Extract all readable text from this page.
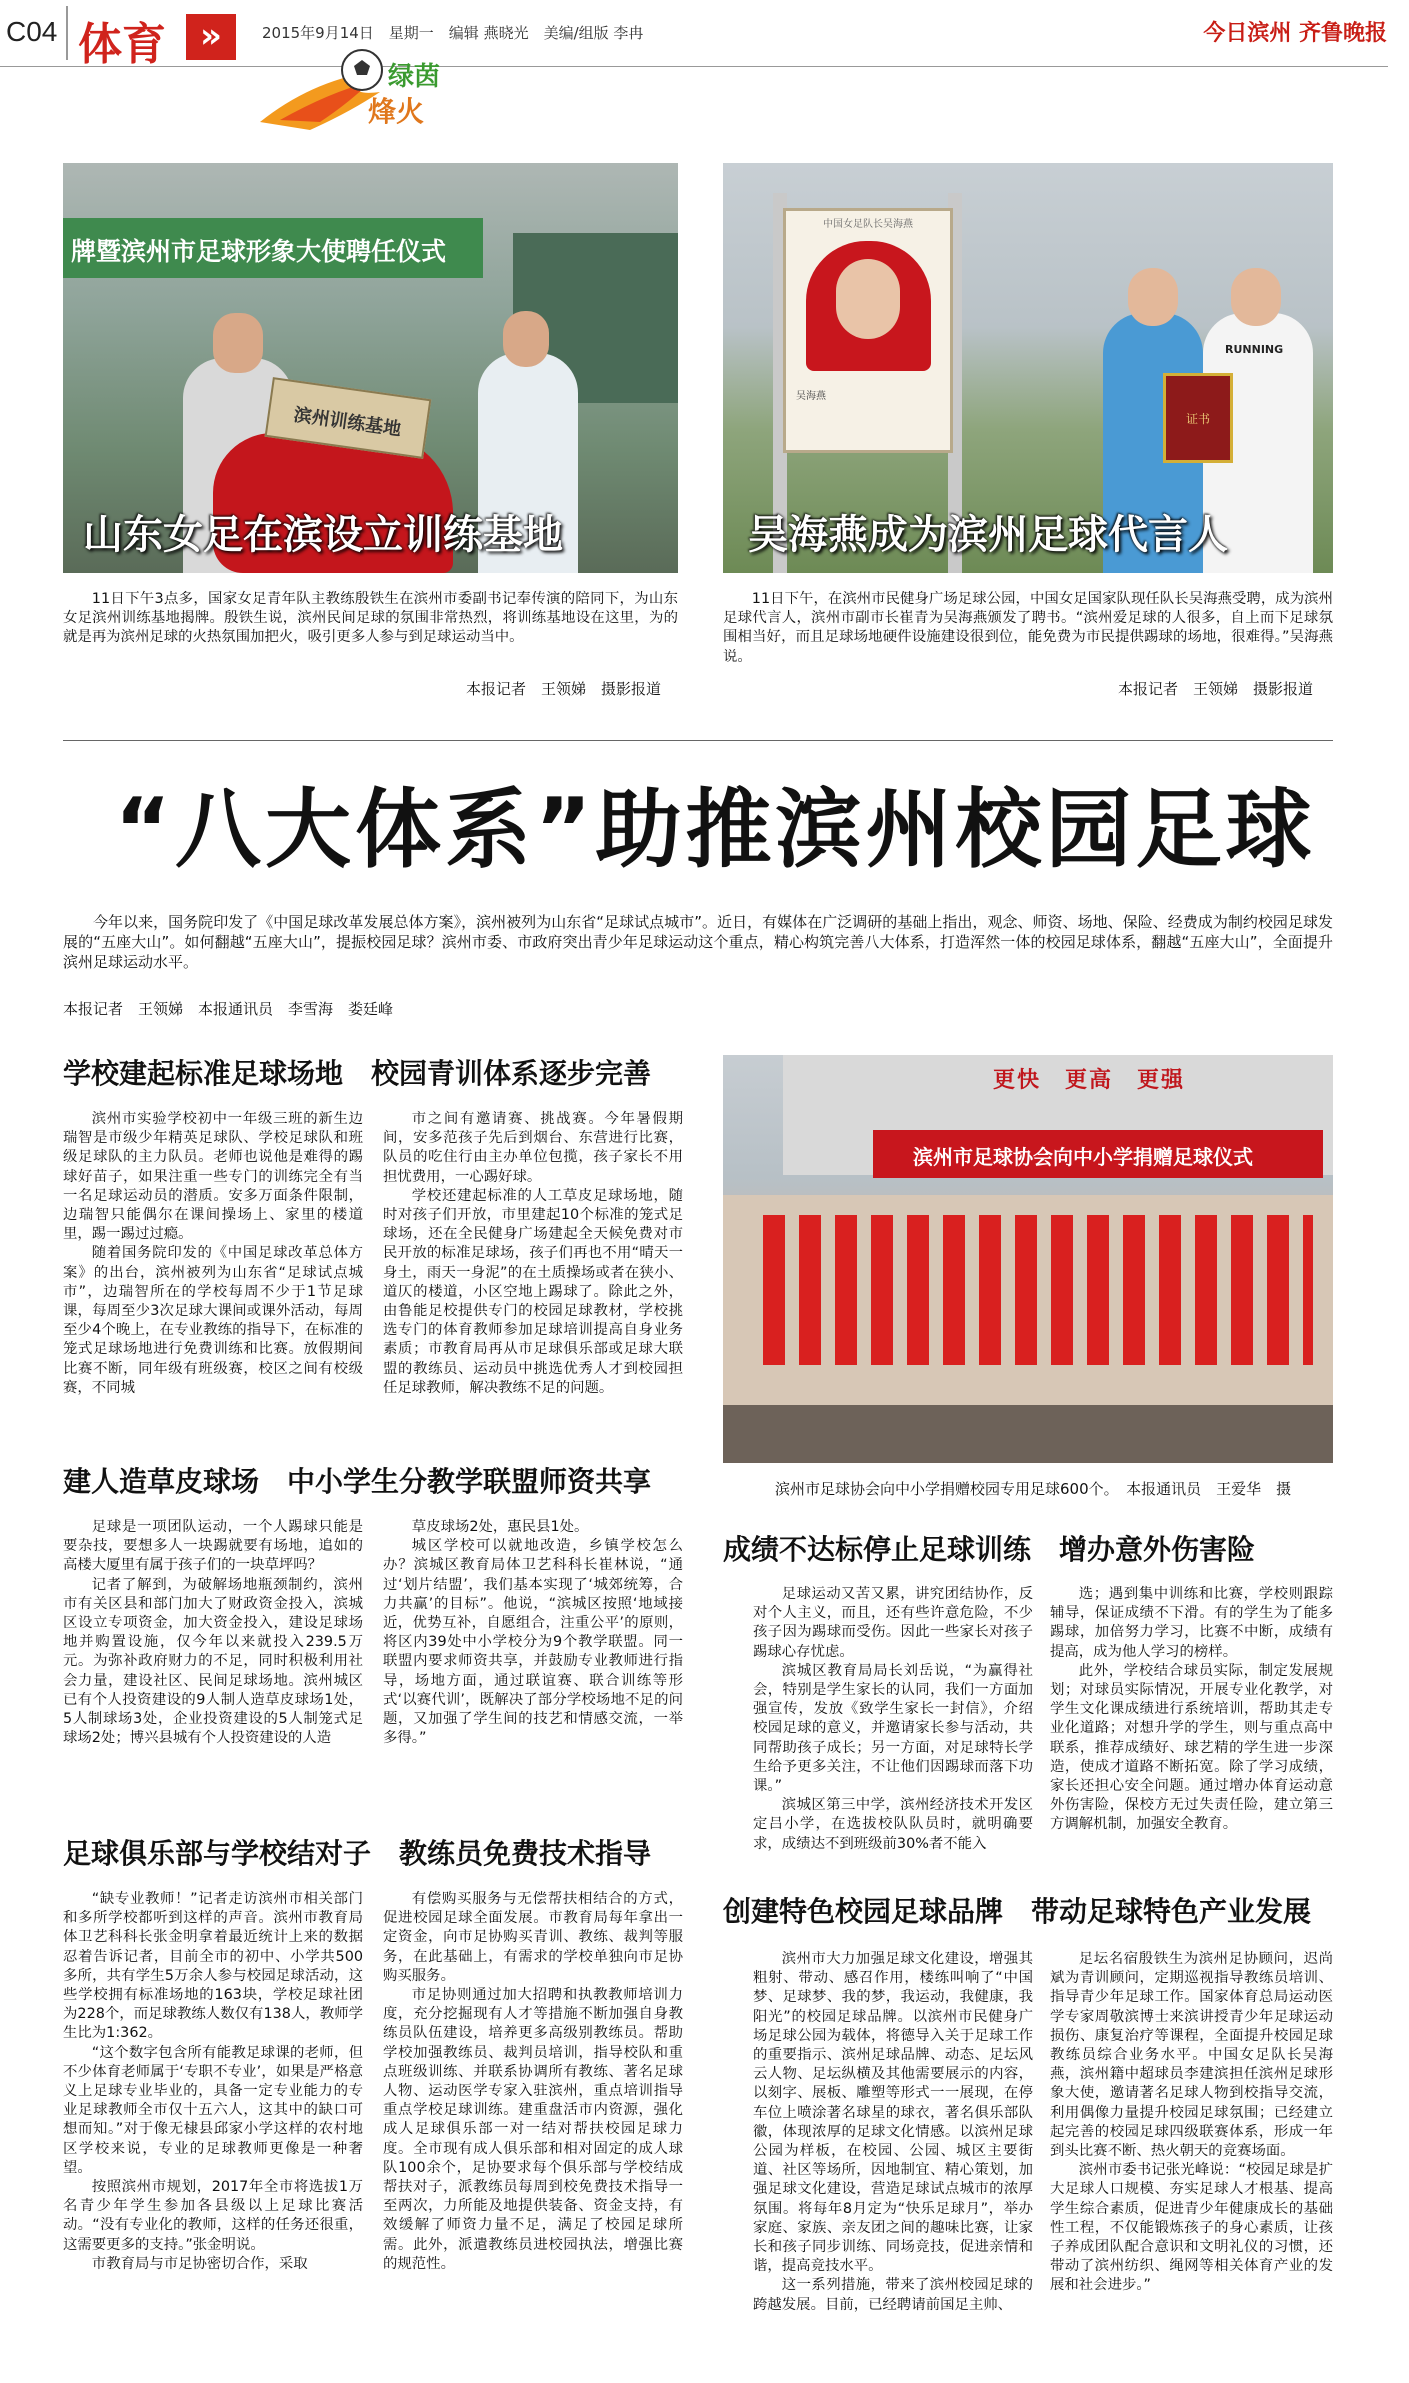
C04 体育	»	2015年9月14日　星期一　编辑 燕晓光　美编/组版 李冉	今日滨州 齐鲁晚报
绿茵
烽火
牌暨滨州市足球形象大使聘任仪式
滨州训练基地
山东女足在滨设立训练基地

11日下午3点多，国家女足青年队主教练殷铁生在滨州市委副书记奉传演的陪同下，为山东女足滨州训练基地揭牌。殷铁生说，滨州民间足球的氛围非常热烈，将训练基地设在这里，为的就是再为滨州足球的火热氛围加把火，吸引更多人参与到足球运动当中。

本报记者　王领娣　摄影报道
中国女足队长吴海燕
吴海燕
RUNNING
证书
吴海燕成为滨州足球代言人

11日下午，在滨州市民健身广场足球公园，中国女足国家队现任队长吴海燕受聘，成为滨州足球代言人，滨州市副市长崔青为吴海燕颁发了聘书。“滨州爱足球的人很多，自上而下足球氛围相当好，而且足球场地硬件设施建设很到位，能免费为市民提供踢球的场地，很难得。”吴海燕说。

本报记者　王领娣　摄影报道
“八大体系”助推滨州校园足球

今年以来，国务院印发了《中国足球改革发展总体方案》，滨州被列为山东省“足球试点城市”。近日，有媒体在广泛调研的基础上指出，观念、师资、场地、保险、经费成为制约校园足球发展的“五座大山”。如何翻越“五座大山”，提振校园足球？滨州市委、市政府突出青少年足球运动这个重点，精心构筑完善八大体系，打造浑然一体的校园足球体系，翻越“五座大山”，全面提升滨州足球运动水平。

本报记者　王领娣　本报通讯员　李雪海　娄廷峰
学校建起标准足球场地　校园青训体系逐步完善

滨州市实验学校初中一年级三班的新生边瑞智是市级少年精英足球队、学校足球队和班级足球队的主力队员。老师也说他是难得的踢球好苗子，如果注重一些专门的训练完全有当一名足球运动员的潜质。安多万面条件限制，边瑞智只能偶尔在课间操场上、家里的楼道里，踢一踢过过瘾。

随着国务院印发的《中国足球改革总体方案》的出台，滨州被列为山东省“足球试点城市”，边瑞智所在的学校每周不少于1节足球课，每周至少3次足球大课间或课外活动，每周至少4个晚上，在专业教练的指导下，在标准的笼式足球场地进行免费训练和比赛。放假期间比赛不断，同年级有班级赛，校区之间有校级赛，不同城

市之间有邀请赛、挑战赛。今年暑假期间，安多范孩子先后到烟台、东营进行比赛，队员的吃住行由主办单位包揽，孩子家长不用担忧费用，一心踢好球。

学校还建起标准的人工草皮足球场地，随时对孩子们开放，市里建起10个标准的笼式足球场，还在全民健身广场建起全天候免费对市民开放的标准足球场，孩子们再也不用“晴天一身土，雨天一身泥”的在土质操场或者在狭小、道仄的楼道，小区空地上踢球了。除此之外，由鲁能足校提供专门的校园足球教材，学校挑选专门的体育教师参加足球培训提高自身业务素质；市教育局再从市足球俱乐部或足球大联盟的教练员、运动员中挑选优秀人才到校园担任足球教师，解决教练不足的问题。

建人造草皮球场　中小学生分教学联盟师资共享

足球是一项团队运动，一个人踢球只能是要杂技，要想多人一块踢就要有场地，追如的高楼大厦里有属于孩子们的一块草坪吗？

记者了解到，为破解场地瓶颈制约，滨州市有关区县和部门加大了财政资金投入，滨城区设立专项资金，加大资金投入，建设足球场地并购置设施，仅今年以来就投入239.5万元。为弥补政府财力的不足，同时积极利用社会力量，建设社区、民间足球场地。滨州城区已有个人投资建设的9人制人造草皮球场1处，5人制球场3处，企业投资建设的5人制笼式足球场2处；博兴县城有个人投资建设的人造

草皮球场2处，惠民县1处。

城区学校可以就地改造，乡镇学校怎么办？滨城区教育局体卫艺科科长崔林说，“通过‘划片结盟’，我们基本实现了‘城郊统筹，合力共赢’的目标”。他说，“滨城区按照‘地域接近，优势互补，自愿组合，注重公平’的原则，将区内39处中小学校分为9个教学联盟。同一联盟内要求师资共享，并鼓励专业教师进行指导，场地方面，通过联谊赛、联合训练等形式‘以赛代训’，既解决了部分学校场地不足的问题，又加强了学生间的技艺和情感交流，一举多得。”

足球俱乐部与学校结对子　教练员免费技术指导

“缺专业教师！”记者走访滨州市相关部门和多所学校都听到这样的声音。滨州市教育局体卫艺科科长张金明拿着最近统计上来的数据忍着告诉记者，目前全市的初中、小学共500多所，共有学生5万余人参与校园足球活动，这些学校拥有标准场地的163块，学校足球社团为228个，而足球教练人数仅有138人，教师学生比为1:362。

“这个数字包含所有能教足球课的老师，但不少体育老师属于‘专职不专业’，如果是严格意义上足球专业毕业的，具备一定专业能力的专业足球教师全市仅十五六人，这其中的缺口可想而知。”对于像无棣县邱家小学这样的农村地区学校来说，专业的足球教师更像是一种奢望。

按照滨州市规划，2017年全市将选拔1万名青少年学生参加各县级以上足球比赛活动。“没有专业化的教师，这样的任务还很重，这需要更多的支持。”张金明说。

市教育局与市足协密切合作，采取

有偿购买服务与无偿帮扶相结合的方式，促进校园足球全面发展。市教育局每年拿出一定资金，向市足协购买青训、教练、裁判等服务，在此基础上，有需求的学校单独向市足协购买服务。

市足协则通过加大招聘和执教教师培训力度，充分挖掘现有人才等措施不断加强自身教练员队伍建设，培养更多高级别教练员。帮助学校加强教练员、裁判员培训，指导校队和重点班级训练、并联系协调所有教练、著名足球人物、运动医学专家入驻滨州，重点培训指导重点学校足球训练。建重盘活市内资源，强化成人足球俱乐部一对一结对帮扶校园足球力度。全市现有成人俱乐部和相对固定的成人球队100余个，足协要求每个俱乐部与学校结成帮扶对子，派教练员每周到校免费技术指导一至两次，力所能及地提供装备、资金支持，有效缓解了师资力量不足，满足了校园足球所需。此外，派遣教练员进校园执法，增强比赛的规范性。

更快　更高　更强
滨州市足球协会向中小学捐赠足球仪式
滨州市足球协会向中小学捐赠校园专用足球600个。　本报通讯员　王爱华　摄
成绩不达标停止足球训练　增办意外伤害险

足球运动又苦又累，讲究团结协作，反对个人主义，而且，还有些许意危险，不少孩子因为踢球而受伤。因此一些家长对孩子踢球心存忧虑。

滨城区教育局局长刘岳说，“为赢得社会，特别是学生家长的认同，我们一方面加强宣传，发放《致学生家长一封信》，介绍校园足球的意义，并邀请家长参与活动，共同帮助孩子成长；另一方面，对足球特长学生给予更多关注，不让他们因踢球而落下功课。”

滨城区第三中学，滨州经济技术开发区定吕小学，在选拔校队队员时，就明确要求，成绩达不到班级前30%者不能入

选；遇到集中训练和比赛，学校则跟踪辅导，保证成绩不下滑。有的学生为了能多踢球，加倍努力学习，比赛不中断，成绩有提高，成为他人学习的榜样。

此外，学校结合球员实际，制定发展规划；对球员实际情况，开展专业化教学，对学生文化课成绩进行系统培训，帮助其走专业化道路；对想升学的学生，则与重点高中联系，推荐成绩好、球艺精的学生进一步深造，使成才道路不断拓宽。除了学习成绩，家长还担心安全问题。通过增办体育运动意外伤害险，保校方无过失责任险，建立第三方调解机制，加强安全教育。

创建特色校园足球品牌　带动足球特色产业发展

滨州市大力加强足球文化建设，增强其粗射、带动、感召作用，楼练叫响了“中国梦、足球梦、我的梦，我运动，我健康，我阳光”的校园足球品牌。以滨州市民健身广场足球公园为载体，将德导入关于足球工作的重要指示、滨州足球品牌、动态、足坛风云人物、足坛纵横及其他需要展示的内容，以刻字、展板、雕塑等形式一一展现，在停车位上喷涂著名球星的球衣，著名俱乐部队徽，体现浓厚的足球文化情感。以滨州足球公园为样板，在校园、公园、城区主要街道、社区等场所，因地制宜、精心策划，加强足球文化建设，营造足球试点城市的浓厚氛围。将每年8月定为“快乐足球月”，举办家庭、家族、亲友团之间的趣味比赛，让家长和孩子同步训练、同场竞技，促进亲情和谐，提高竞技水平。

这一系列措施，带来了滨州校园足球的跨越发展。目前，已经聘请前国足主帅、

足坛名宿殷铁生为滨州足协顾问，迟尚斌为青训顾问，定期巡视指导教练员培训、指导青少年足球工作。国家体育总局运动医学专家周敬滨博士来滨讲授青少年足球运动损伤、康复治疗等课程，全面提升校园足球教练员综合业务水平。中国女足队长吴海燕，滨州籍中超球员李建滨担任滨州足球形象大使，邀请著名足球人物到校指导交流，利用偶像力量提升校园足球氛围；已经建立起完善的校园足球四级联赛体系，形成一年到头比赛不断、热火朝天的竞赛场面。

滨州市委书记张光峰说：“校园足球是扩大足球人口规模、夯实足球人才根基、提高学生综合素质，促进青少年健康成长的基础性工程，不仅能锻炼孩子的身心素质，让孩子养成团队配合意识和文明礼仪的习惯，还带动了滨州纺织、绳网等相关体育产业的发展和社会进步。”
